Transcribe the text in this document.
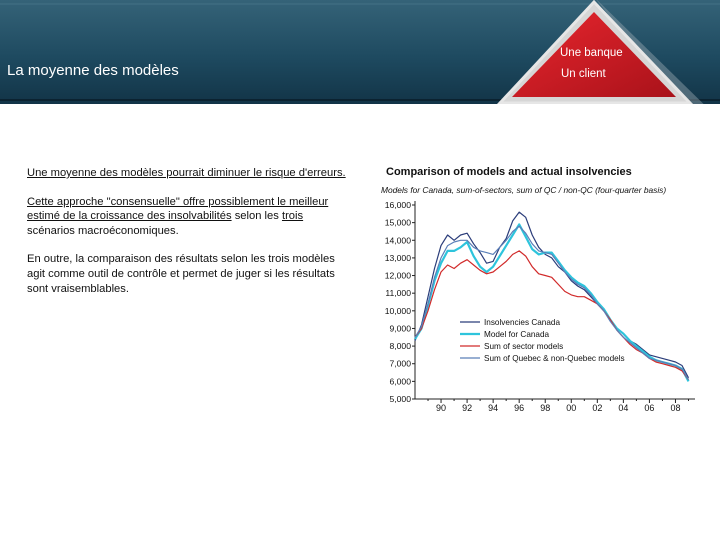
La moyenne des modèles
Une banque
Un client

Une moyenne des modèles pourrait diminuer le risque d'erreurs.

Cette approche "consensuelle" offre possiblement le meilleur estimé de la croissance des insolvabilités selon les trois scénarios macroéconomiques.

En outre, la comparaison des résultats selon les trois modèles agit comme outil de contrôle et permet de juger si les résultats sont vraisemblables.

Comparison of models and actual insolvencies
Models for Canada, sum-of-sectors, sum of QC / non-QC (four-quarter basis)
5,000
6,000
7,000
8,000
9,000
10,000
11,000
12,000
13,000
14,000
15,000
16,000
90 92 94 96 98 00 02 04 06 08
Insolvencies Canada
Model for Canada
Sum of sector models
Sum of Quebec & non-Quebec models
